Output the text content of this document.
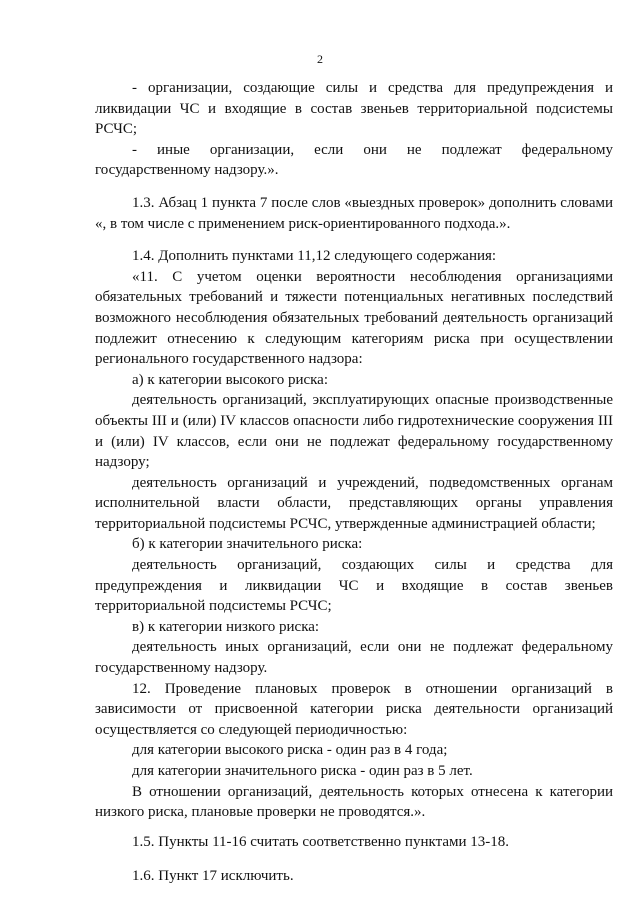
2

- организации, создающие силы и средства для предупреждения и ликвидации ЧС и входящие в состав звеньев территориальной подсистемы РСЧС;

- иные организации, если они не подлежат федеральному государственному надзору.».

1.3. Абзац 1 пункта 7 после слов «выездных проверок» дополнить словами «, в том числе с применением риск-ориентированного подхода.».

1.4. Дополнить пунктами 11,12 следующего содержания:

«11. С учетом оценки вероятности несоблюдения организациями обязательных требований и тяжести потенциальных негативных последствий возможного несоблюдения обязательных требований деятельность организаций подлежит отнесению к следующим категориям риска при осуществлении регионального государственного надзора:

а) к категории высокого риска:

деятельность организаций, эксплуатирующих опасные производственные объекты III и (или) IV классов опасности либо гидротехнические сооружения III и (или) IV классов, если они не подлежат федеральному государственному надзору;

деятельность организаций и учреждений, подведомственных органам исполнительной власти области, представляющих органы управления территориальной подсистемы РСЧС, утвержденные администрацией области;

б) к категории значительного риска:

деятельность организаций, создающих силы и средства для предупреждения и ликвидации ЧС и входящие в состав звеньев территориальной подсистемы РСЧС;

в) к категории низкого риска:

деятельность иных организаций, если они не подлежат федеральному государственному надзору.

12. Проведение плановых проверок в отношении организаций в зависимости от присвоенной категории риска деятельности организаций осуществляется со следующей периодичностью:

для категории высокого риска - один раз в 4 года;

для категории значительного риска - один раз в 5 лет.

В отношении организаций, деятельность которых отнесена к категории низкого риска, плановые проверки не проводятся.».

1.5. Пункты 11-16 считать соответственно пунктами 13-18.

1.6. Пункт 17 исключить.
